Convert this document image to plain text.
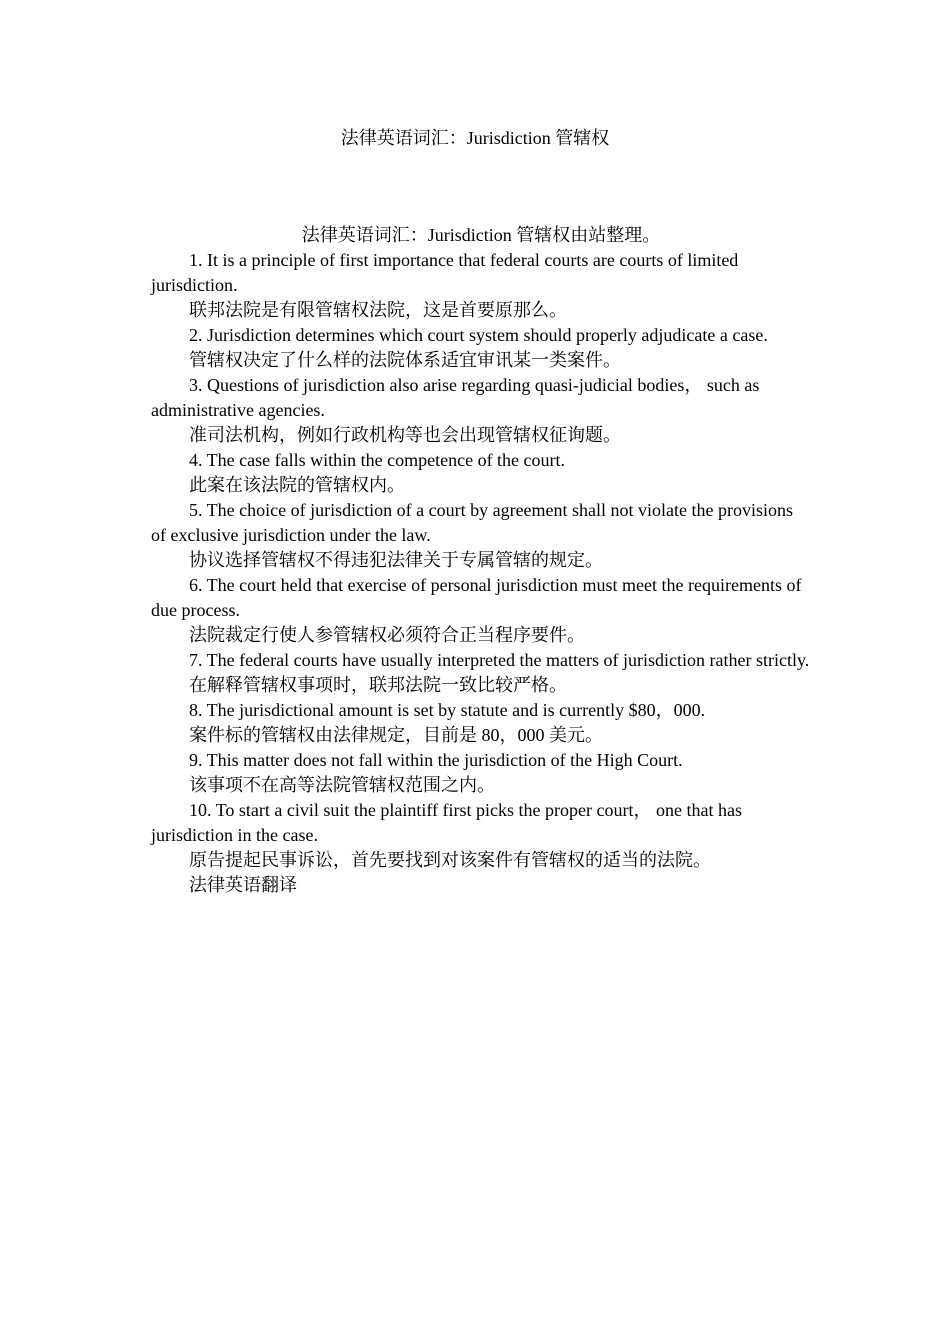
法律英语词汇：Jurisdiction 管辖权

法律英语词汇：Jurisdiction 管辖权由站整理。

1. It is a principle of first importance that federal courts are courts of limited jurisdiction.

联邦法院是有限管辖权法院，这是首要原那么。

2. Jurisdiction determines which court system should properly adjudicate a case.

管辖权决定了什么样的法院体系适宜审讯某一类案件。

3. Questions of jurisdiction also arise regarding quasi-judicial bodies， such as administrative agencies.

准司法机构，例如行政机构等也会出现管辖权征询题。

4. The case falls within the competence of the court.

此案在该法院的管辖权内。

5. The choice of jurisdiction of a court by agreement shall not violate the provisions of exclusive jurisdiction under the law.

协议选择管辖权不得违犯法律关于专属管辖的规定。

6. The court held that exercise of personal jurisdiction must meet the requirements of due process.

法院裁定行使人参管辖权必须符合正当程序要件。

7. The federal courts have usually interpreted the matters of jurisdiction rather strictly.

在解释管辖权事项时，联邦法院一致比较严格。

8. The jurisdictional amount is set by statute and is currently $80，000.

案件标的管辖权由法律规定，目前是 80，000 美元。

9. This matter does not fall within the jurisdiction of the High Court.

该事项不在高等法院管辖权范围之内。

10. To start a civil suit the plaintiff first picks the proper court， one that has jurisdiction in the case.

原告提起民事诉讼，首先要找到对该案件有管辖权的适当的法院。

法律英语翻译
